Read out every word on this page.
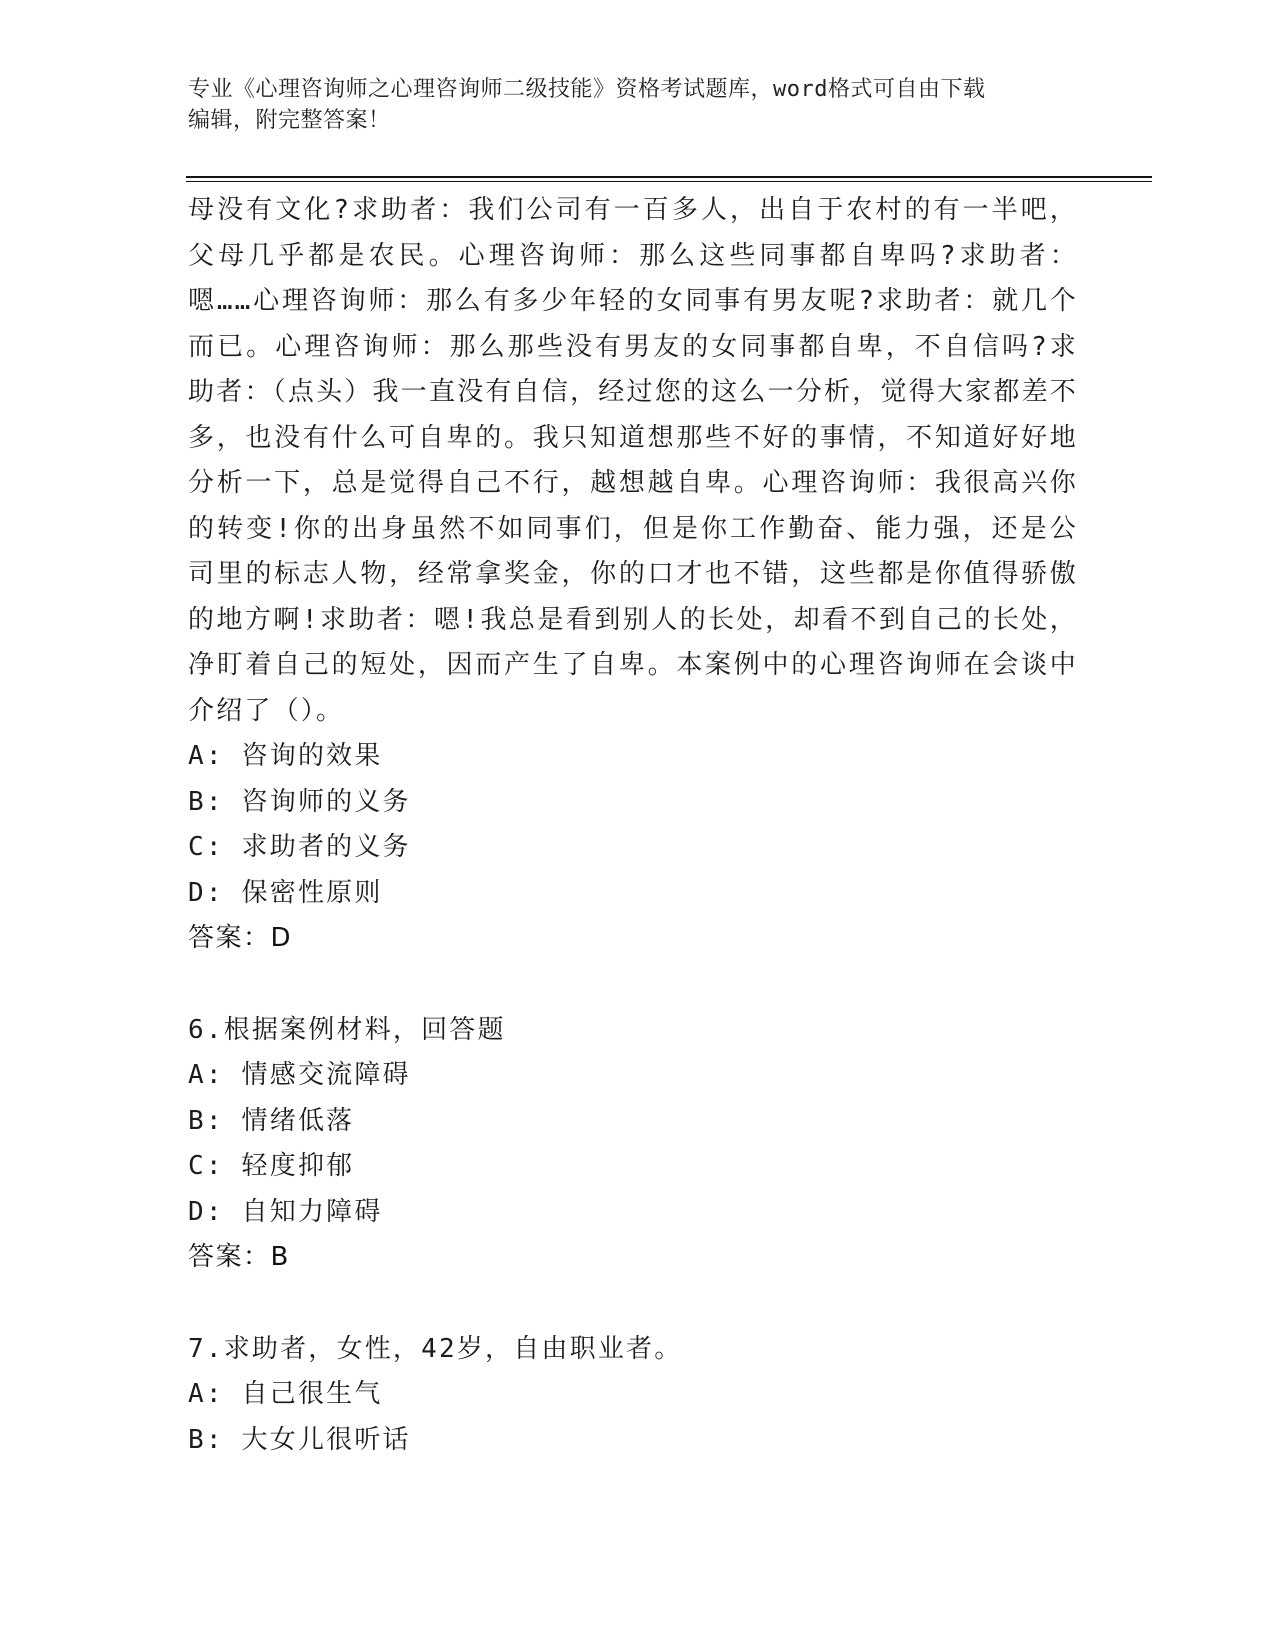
专业《心理咨询师之心理咨询师二级技能》资格考试题库，word格式可自由下载
编辑，附完整答案！

母没有文化?求助者：我们公司有一百多人，出自于农村的有一半吧，父母几乎都是农民。心理咨询师：那么这些同事都自卑吗?求助者：嗯……心理咨询师：那么有多少年轻的女同事有男友呢?求助者：就几个而已。心理咨询师：那么那些没有男友的女同事都自卑，不自信吗?求助者：（点头）我一直没有自信，经过您的这么一分析，觉得大家都差不多，也没有什么可自卑的。我只知道想那些不好的事情，不知道好好地分析一下，总是觉得自己不行，越想越自卑。心理咨询师：我很高兴你的转变!你的出身虽然不如同事们，但是你工作勤奋、能力强，还是公司里的标志人物，经常拿奖金，你的口才也不错，这些都是你值得骄傲的地方啊!求助者：嗯!我总是看到别人的长处，却看不到自己的长处，净盯着自己的短处，因而产生了自卑。本案例中的心理咨询师在会谈中介绍了（）。

A: 咨询的效果
B: 咨询师的义务
C: 求助者的义务
D: 保密性原则
答案：D
6.根据案例材料，回答题
A: 情感交流障碍
B: 情绪低落
C: 轻度抑郁
D: 自知力障碍
答案：B
7.求助者，女性，42岁，自由职业者。
A: 自己很生气
B: 大女儿很听话
